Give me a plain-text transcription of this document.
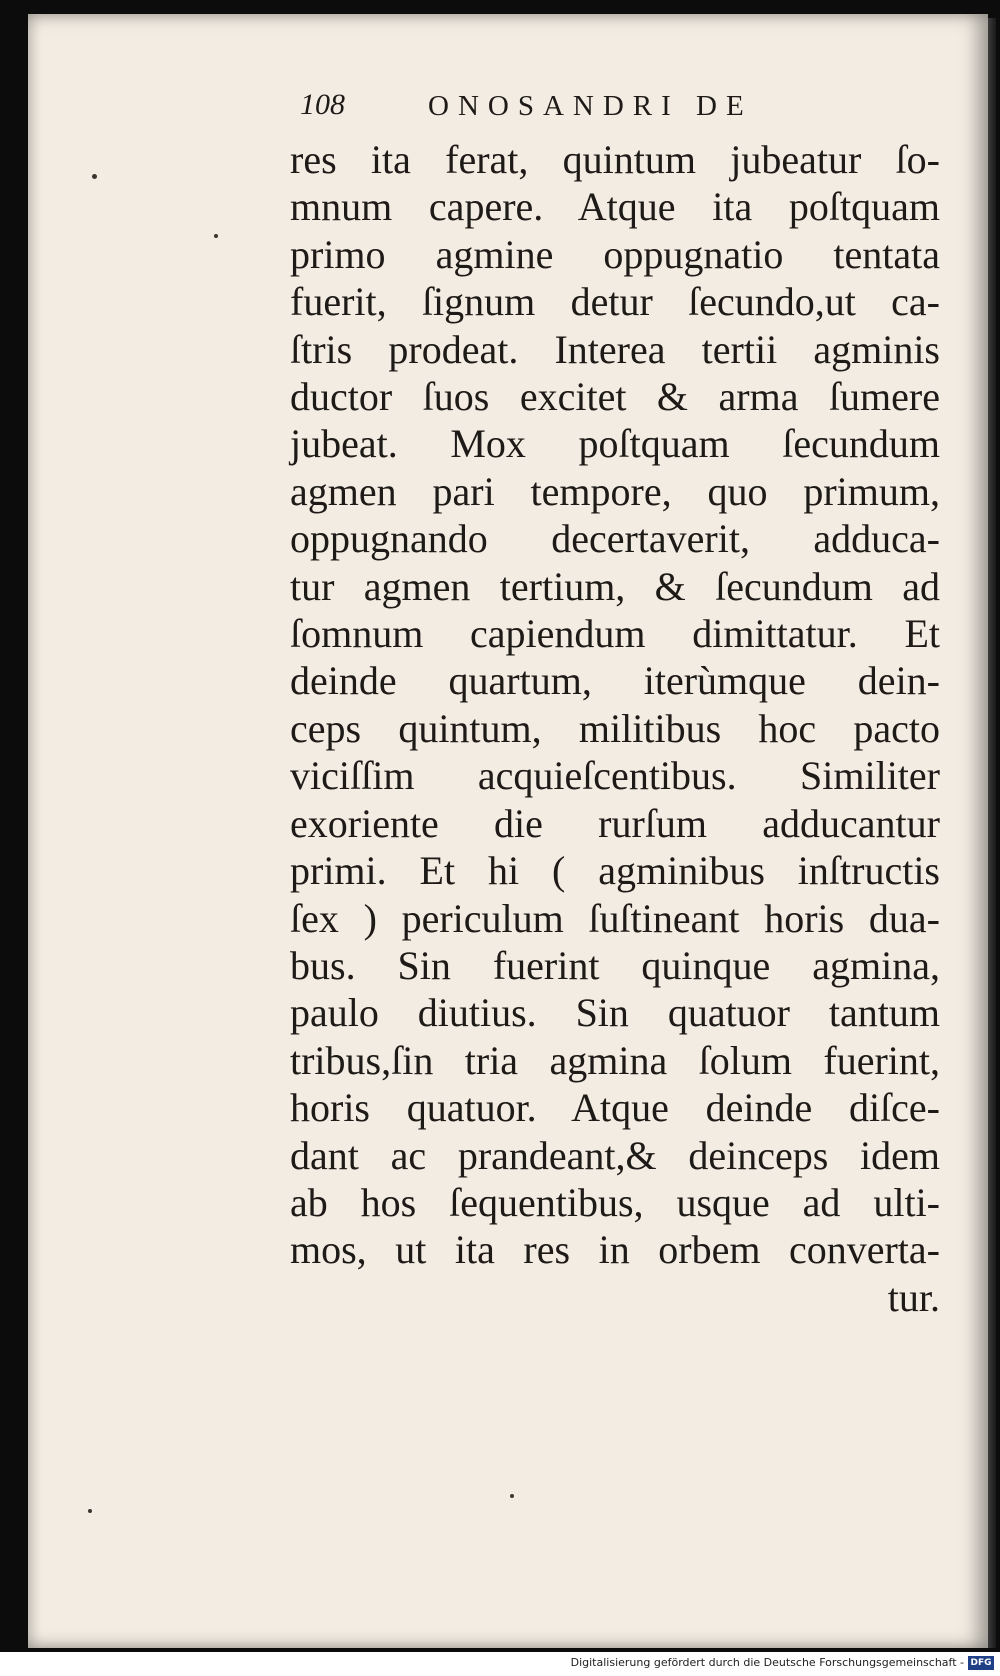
108	ONOSANDRI DE
res ita ferat, quintum jubeatur ſo-
mnum capere. Atque ita poſtquam
primo agmine oppugnatio tentata
fuerit, ſignum detur ſecundo,ut ca-
ſtris prodeat. Interea tertii agminis
ductor ſuos excitet & arma ſumere
jubeat. Mox poſtquam ſecundum
agmen pari tempore, quo primum,
oppugnando decertaverit, adduca-
tur agmen tertium, & ſecundum ad
ſomnum capiendum dimittatur. Et
deinde quartum, iterùmque dein-
ceps quintum, militibus hoc pacto
viciſſim acquieſcentibus. Similiter
exoriente die rurſum adducantur
primi. Et hi ( agminibus inſtructis
ſex ) periculum ſuſtineant horis dua-
bus. Sin fuerint quinque agmina,
paulo diutius. Sin quatuor tantum
tribus,ſin tria agmina ſolum fuerint,
horis quatuor. Atque deinde diſce-
dant ac prandeant,& deinceps idem
ab hos ſequentibus, usque ad ulti-
mos, ut ita res in orbem converta-
tur.
Digitalisierung gefördert durch die Deutsche Forschungsgemeinschaft - DFG
